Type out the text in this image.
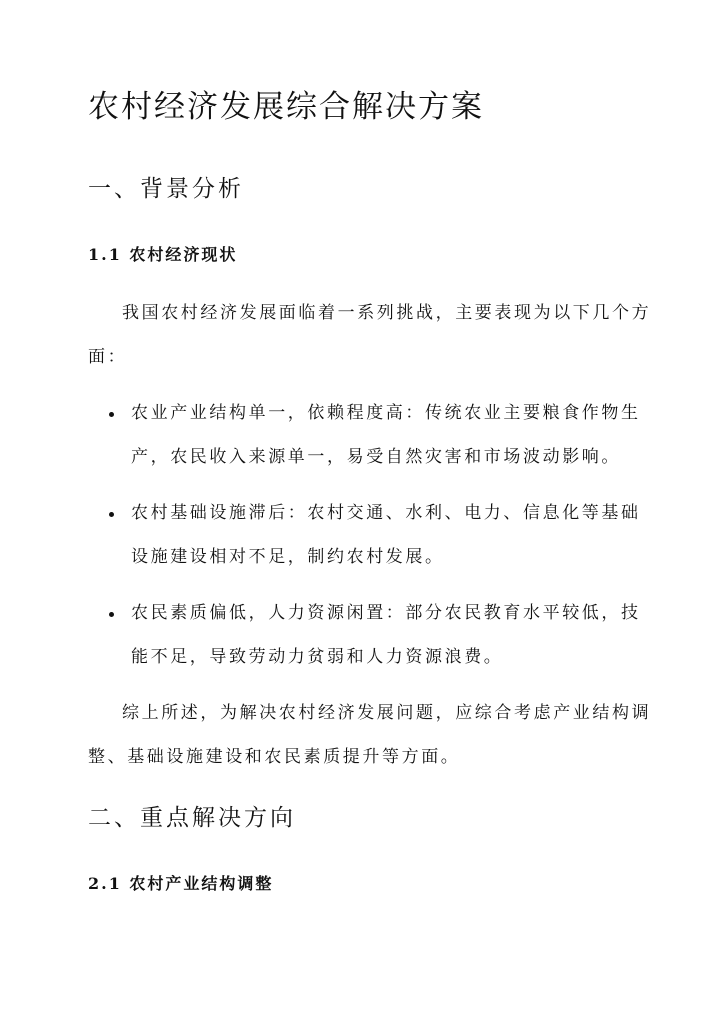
农村经济发展综合解决方案
一、背景分析
1.1 农村经济现状
我国农村经济发展面临着一系列挑战，主要表现为以下几个方
面：
农业产业结构单一，依赖程度高：传统农业主要粮食作物生
产，农民收入来源单一，易受自然灾害和市场波动影响。
农村基础设施滞后：农村交通、水利、电力、信息化等基础
设施建设相对不足，制约农村发展。
农民素质偏低，人力资源闲置：部分农民教育水平较低，技
能不足，导致劳动力贫弱和人力资源浪费。
综上所述，为解决农村经济发展问题，应综合考虑产业结构调
整、基础设施建设和农民素质提升等方面。
二、重点解决方向
2.1 农村产业结构调整
